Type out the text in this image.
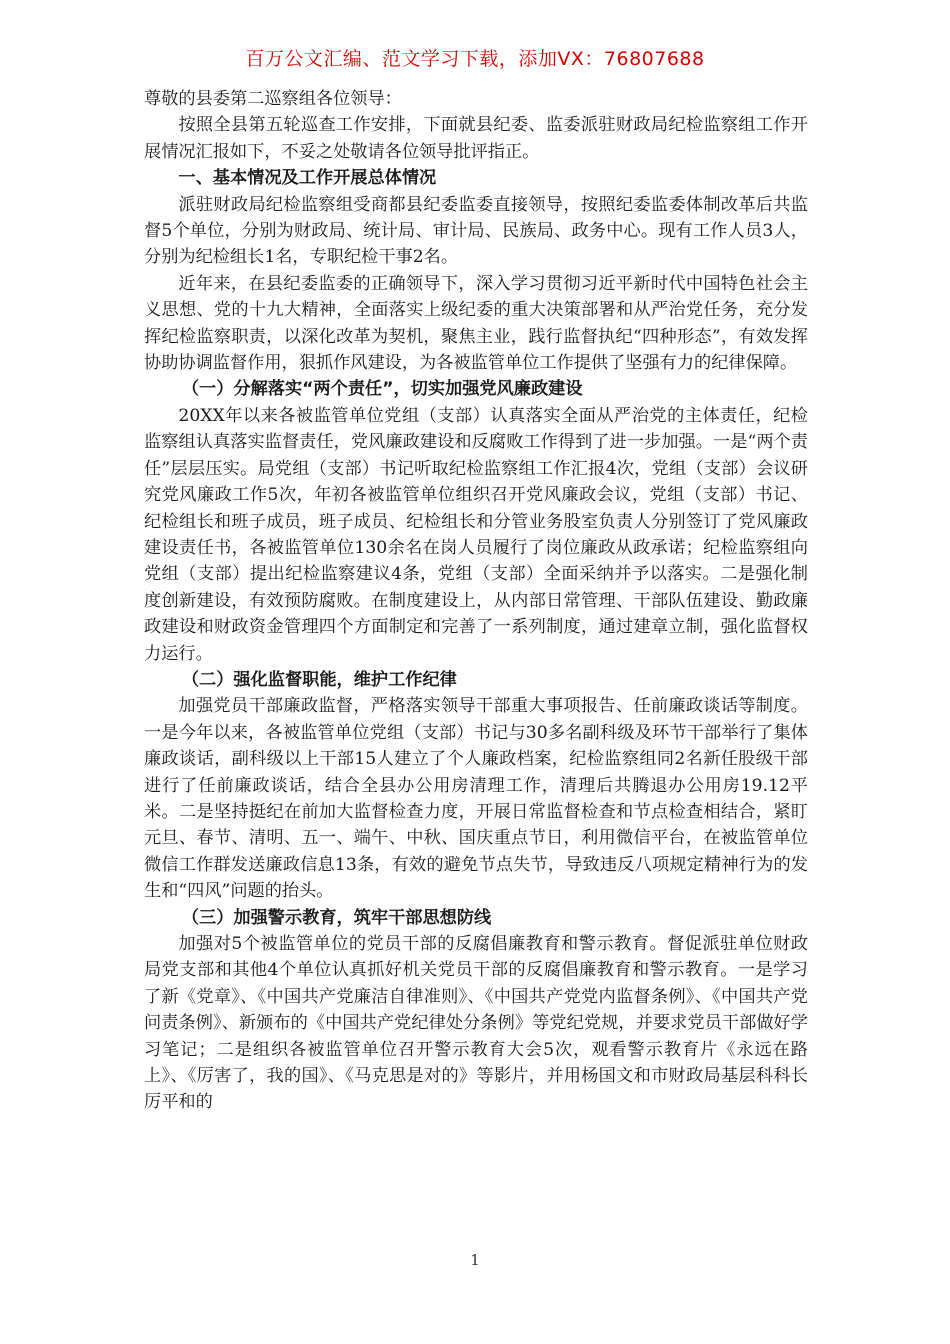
百万公文汇编、范文学习下载，添加VX：76807688

尊敬的县委第二巡察组各位领导：

按照全县第五轮巡查工作安排，下面就县纪委、监委派驻财政局纪检监察组工作开展情况汇报如下，不妥之处敬请各位领导批评指正。

一、基本情况及工作开展总体情况

派驻财政局纪检监察组受商都县纪委监委直接领导，按照纪委监委体制改革后共监督5个单位，分别为财政局、统计局、审计局、民族局、政务中心。现有工作人员3人，分别为纪检组长1名，专职纪检干事2名。

近年来，在县纪委监委的正确领导下，深入学习贯彻习近平新时代中国特色社会主义思想、党的十九大精神，全面落实上级纪委的重大决策部署和从严治党任务，充分发挥纪检监察职责，以深化改革为契机，聚焦主业，践行监督执纪“四种形态”，有效发挥协助协调监督作用，狠抓作风建设，为各被监管单位工作提供了坚强有力的纪律保障。

（一）分解落实“两个责任”，切实加强党风廉政建设

20XX年以来各被监管单位党组（支部）认真落实全面从严治党的主体责任，纪检监察组认真落实监督责任，党风廉政建设和反腐败工作得到了进一步加强。一是“两个责任”层层压实。局党组（支部）书记听取纪检监察组工作汇报4次，党组（支部）会议研究党风廉政工作5次，年初各被监管单位组织召开党风廉政会议，党组（支部）书记、纪检组长和班子成员，班子成员、纪检组长和分管业务股室负责人分别签订了党风廉政建设责任书，各被监管单位130余名在岗人员履行了岗位廉政从政承诺；纪检监察组向党组（支部）提出纪检监察建议4条，党组（支部）全面采纳并予以落实。二是强化制度创新建设，有效预防腐败。在制度建设上，从内部日常管理、干部队伍建设、勤政廉政建设和财政资金管理四个方面制定和完善了一系列制度，通过建章立制，强化监督权力运行。

（二）强化监督职能，维护工作纪律

加强党员干部廉政监督，严格落实领导干部重大事项报告、任前廉政谈话等制度。一是今年以来，各被监管单位党组（支部）书记与30多名副科级及环节干部举行了集体廉政谈话，副科级以上干部15人建立了个人廉政档案，纪检监察组同2名新任股级干部进行了任前廉政谈话，结合全县办公用房清理工作，清理后共腾退办公用房19.12平米。二是坚持挺纪在前加大监督检查力度，开展日常监督检查和节点检查相结合，紧盯元旦、春节、清明、五一、端午、中秋、国庆重点节日，利用微信平台，在被监管单位微信工作群发送廉政信息13条，有效的避免节点失节，导致违反八项规定精神行为的发生和“四风”问题的抬头。

（三）加强警示教育，筑牢干部思想防线

加强对5个被监管单位的党员干部的反腐倡廉教育和警示教育。督促派驻单位财政局党支部和其他4个单位认真抓好机关党员干部的反腐倡廉教育和警示教育。一是学习了新《党章》、《中国共产党廉洁自律准则》、《中国共产党党内监督条例》、《中国共产党问责条例》、新颁布的《中国共产党纪律处分条例》等党纪党规，并要求党员干部做好学习笔记；二是组织各被监管单位召开警示教育大会5次，观看警示教育片《永远在路上》、《厉害了，我的国》、《马克思是对的》等影片，并用杨国文和市财政局基层科科长厉平和的

1
